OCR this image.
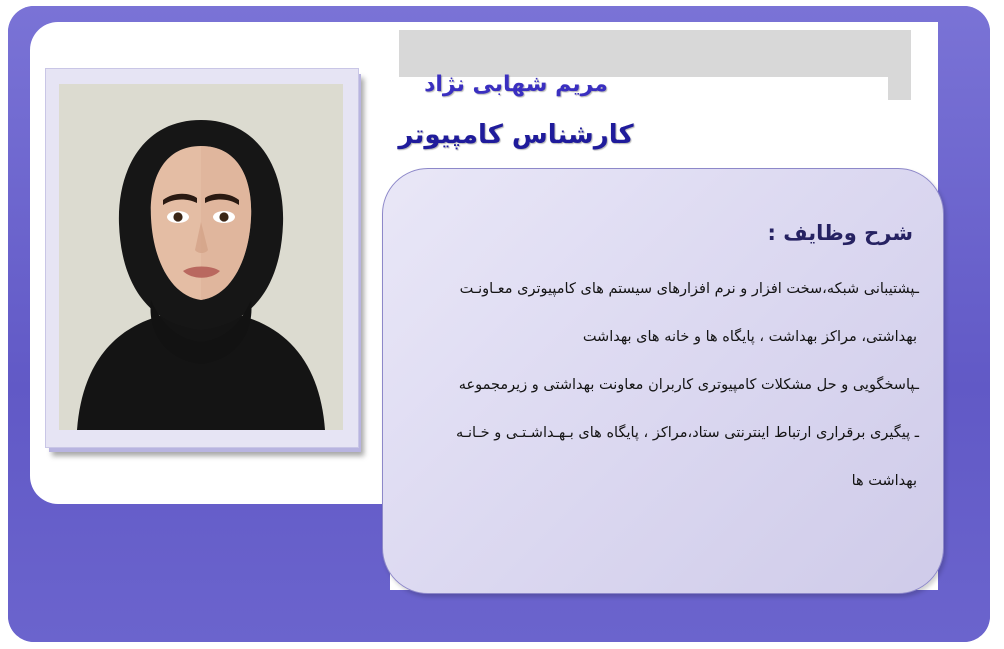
مریم شهابی نژاد
کارشناس کامپیوتر
شرح وظایف :
ـپشتیبانی شبکه،سخت افزار و نرم افزارهای سیستم های کامپیوتری معـاونـت
بهداشتی، مراکز بهداشت ، پایگاه ها و خانه های بهداشت
ـپاسخگویی و حل مشکلات کامپیوتری کاربران معاونت بهداشتی و زیرمجموعه
ـ پیگیری برقراری ارتباط اینترنتی ستاد،مراکز ، پایگاه های بـهـداشـتـی و خـانـه
بهداشت ها
